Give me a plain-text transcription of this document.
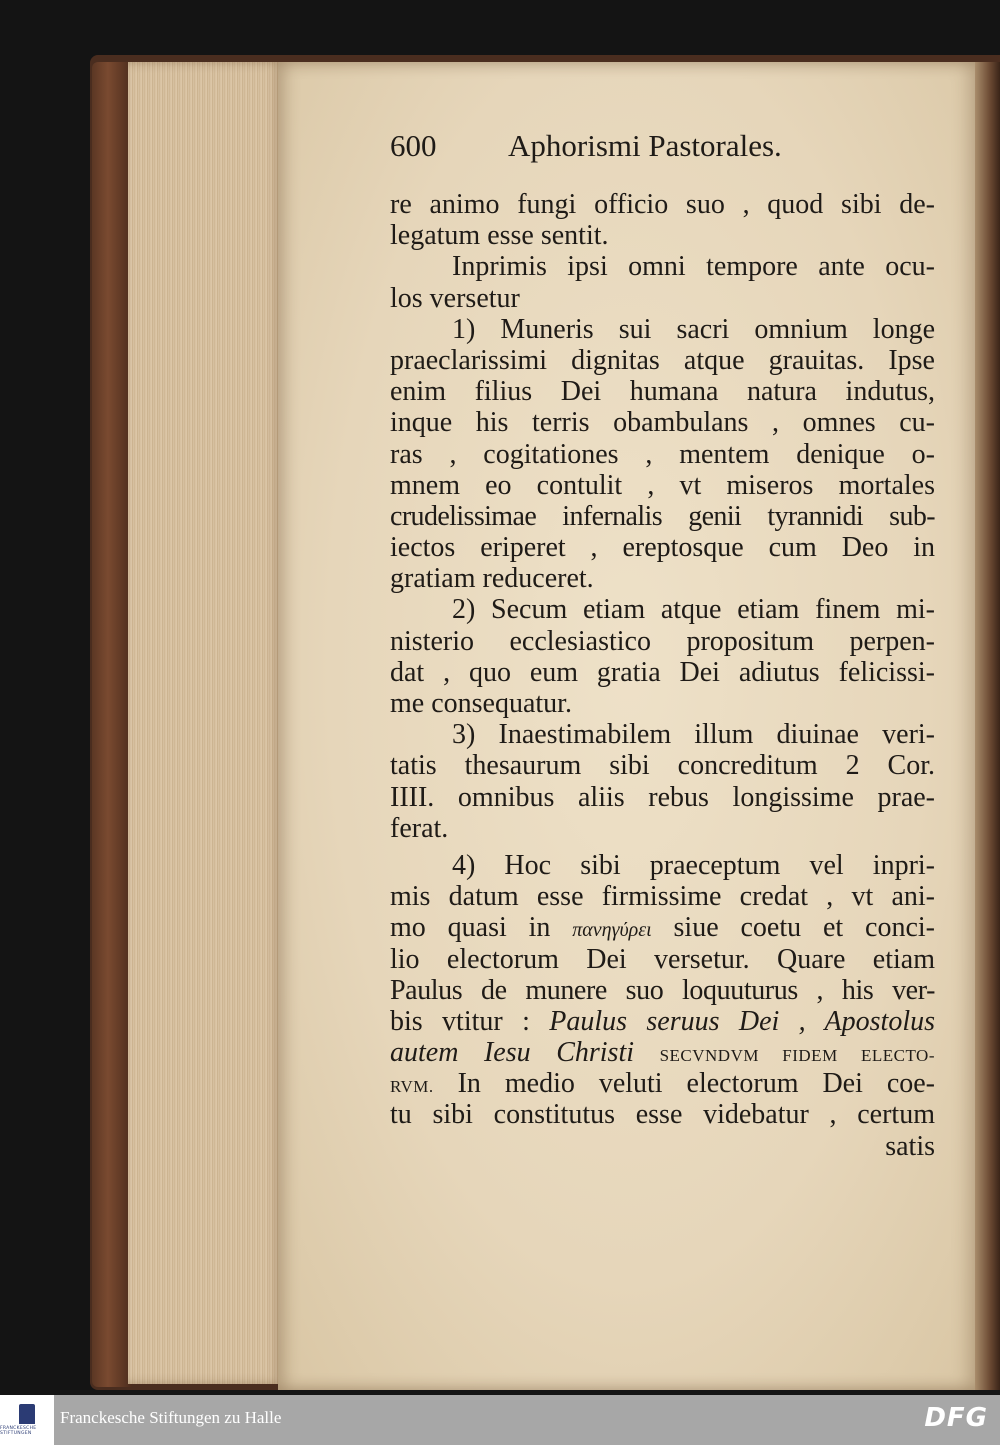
600	Aphorismi Pastorales.
re animo fungi officio suo , quod sibi de-
legatum esse sentit.
Inprimis ipsi omni tempore ante ocu-
los versetur
1) Muneris sui sacri omnium longe
praeclarissimi dignitas atque grauitas. Ipse
enim filius Dei humana natura indutus,
inque his terris obambulans , omnes cu-
ras , cogitationes , mentem denique o-
mnem eo contulit , vt miseros mortales
crudelissimae infernalis genii tyrannidi sub-
iectos eriperet , ereptosque cum Deo in
gratiam reduceret.
2) Secum etiam atque etiam finem mi-
nisterio ecclesiastico propositum perpen-
dat , quo eum gratia Dei adiutus felicissi-
me consequatur.
3) Inaestimabilem illum diuinae veri-
tatis thesaurum sibi concreditum 2 Cor.
IIII. omnibus aliis rebus longissime prae-
ferat.
4) Hoc sibi praeceptum vel inpri-
mis datum esse firmissime credat , vt ani-
mo quasi in πανηγύρει siue coetu et conci-
lio electorum Dei versetur. Quare etiam
Paulus de munere suo loquuturus , his ver-
bis vtitur : Paulus seruus Dei , Apostolus
autem Iesu Christi SECVNDVM FIDEM ELECTO-
RVM. In medio veluti electorum Dei coe-
tu sibi constitutus esse videbatur , certum
satis
FRANCKESCHE STIFTUNGEN
Franckesche Stiftungen zu Halle	DFG
